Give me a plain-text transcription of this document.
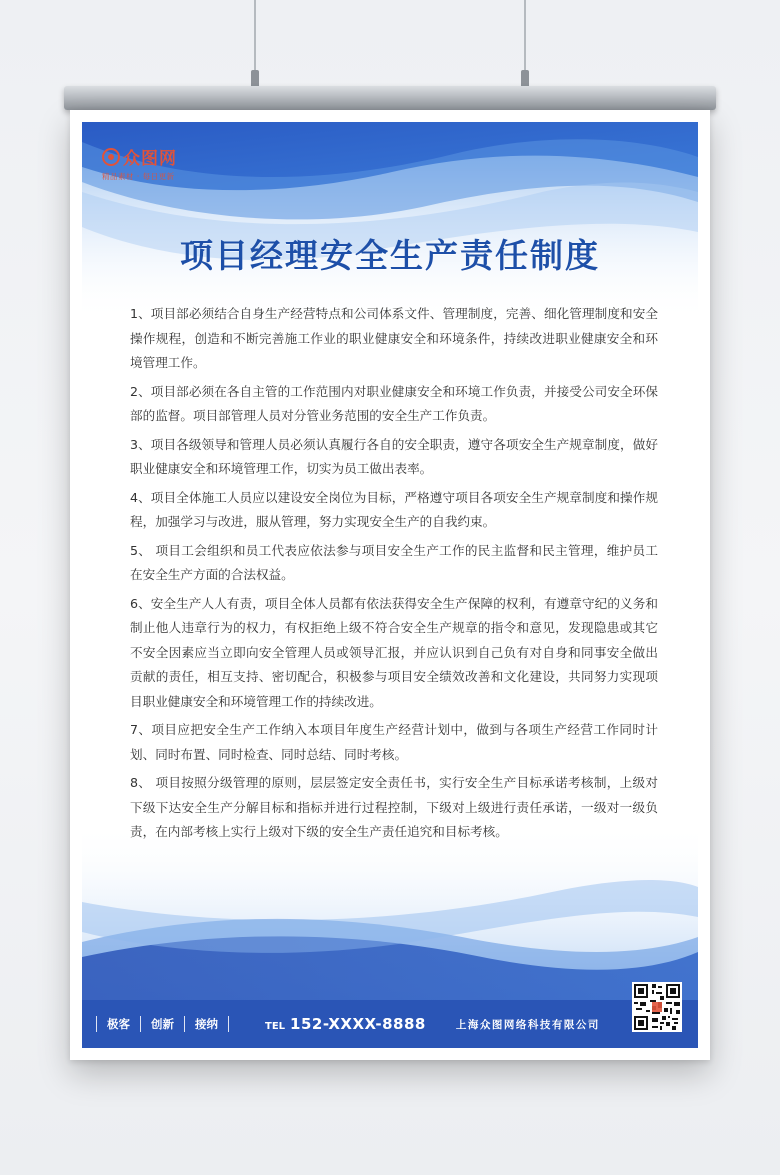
众图网
精品素材 · 每日更新
项目经理安全生产责任制度

1、项目部必须结合自身生产经营特点和公司体系文件、管理制度，完善、细化管理制度和安全操作规程，创造和不断完善施工作业的职业健康安全和环境条件，持续改进职业健康安全和环境管理工作。

2、项目部必须在各自主管的工作范围内对职业健康安全和环境工作负责，并接受公司安全环保部的监督。项目部管理人员对分管业务范围的安全生产工作负责。

3、项目各级领导和管理人员必须认真履行各自的安全职责，遵守各项安全生产规章制度，做好职业健康安全和环境管理工作，切实为员工做出表率。

4、项目全体施工人员应以建设安全岗位为目标，严格遵守项目各项安全生产规章制度和操作规程，加强学习与改进，服从管理，努力实现安全生产的自我约束。

5、 项目工会组织和员工代表应依法参与项目安全生产工作的民主监督和民主管理，维护员工在安全生产方面的合法权益。

6、安全生产人人有责，项目全体人员都有依法获得安全生产保障的权利，有遵章守纪的义务和制止他人违章行为的权力，有权拒绝上级不符合安全生产规章的指令和意见，发现隐患或其它不安全因素应当立即向安全管理人员或领导汇报，并应认识到自己负有对自身和同事安全做出贡献的责任，相互支持、密切配合，积极参与项目安全绩效改善和文化建设，共同努力实现项目职业健康安全和环境管理工作的持续改进。

7、项目应把安全生产工作纳入本项目年度生产经营计划中，做到与各项生产经营工作同时计划、同时布置、同时检查、同时总结、同时考核。

8、 项目按照分级管理的原则，层层签定安全责任书，实行安全生产目标承诺考核制，上级对下级下达安全生产分解目标和指标并进行过程控制，下级对上级进行责任承诺，一级对一级负责，在内部考核上实行上级对下级的安全生产责任追究和目标考核。

极客	创新	接纳	TEL 152-XXXX-8888	上海众图网络科技有限公司
